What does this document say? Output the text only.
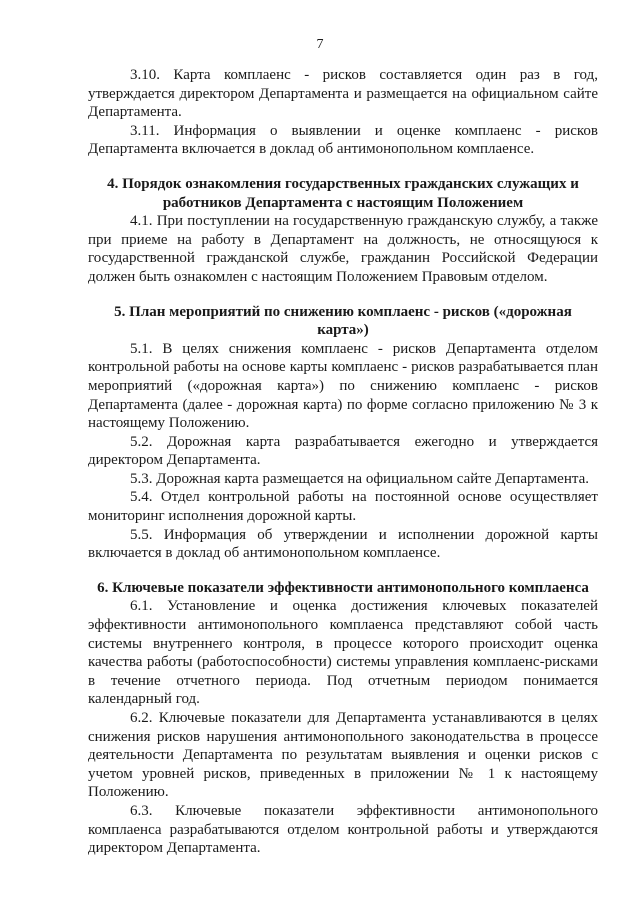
7

3.10. Карта комплаенс - рисков составляется один раз в год, утверждается директором Департамента и размещается на официальном сайте Департамента.

3.11. Информация о выявлении и оценке комплаенс - рисков Департамента включается в доклад об антимонопольном комплаенсе.

4. Порядок ознакомления государственных гражданских служащих и работников Департамента с настоящим Положением

4.1. При поступлении на государственную гражданскую службу, а также при приеме на работу в Департамент на должность, не относящуюся к государственной гражданской службе, гражданин Российской Федерации должен быть ознакомлен с настоящим Положением Правовым отделом.

5. План мероприятий по снижению комплаенс - рисков («дорожная карта»)

5.1. В целях снижения комплаенс - рисков Департамента отделом контрольной работы на основе карты комплаенс - рисков разрабатывается план мероприятий («дорожная карта») по снижению комплаенс - рисков Департамента (далее - дорожная карта) по форме согласно приложению № 3 к настоящему Положению.

5.2. Дорожная карта разрабатывается ежегодно и утверждается директором Департамента.

5.3. Дорожная карта размещается на официальном сайте Департамента.

5.4. Отдел контрольной работы на постоянной основе осуществляет мониторинг исполнения дорожной карты.

5.5. Информация об утверждении и исполнении дорожной карты включается в доклад об антимонопольном комплаенсе.

6. Ключевые показатели эффективности антимонопольного комплаенса

6.1. Установление и оценка достижения ключевых показателей эффективности антимонопольного комплаенса представляют собой часть системы внутреннего контроля, в процессе которого происходит оценка качества работы (работоспособности) системы управления комплаенс-рисками в течение отчетного периода. Под отчетным периодом понимается календарный год.

6.2. Ключевые показатели для Департамента устанавливаются в целях снижения рисков нарушения антимонопольного законодательства в процессе деятельности Департамента по результатам выявления и оценки рисков с учетом уровней рисков, приведенных в приложении № 1 к настоящему Положению.

6.3. Ключевые показатели эффективности антимонопольного комплаенса разрабатываются отделом контрольной работы и утверждаются директором Департамента.
